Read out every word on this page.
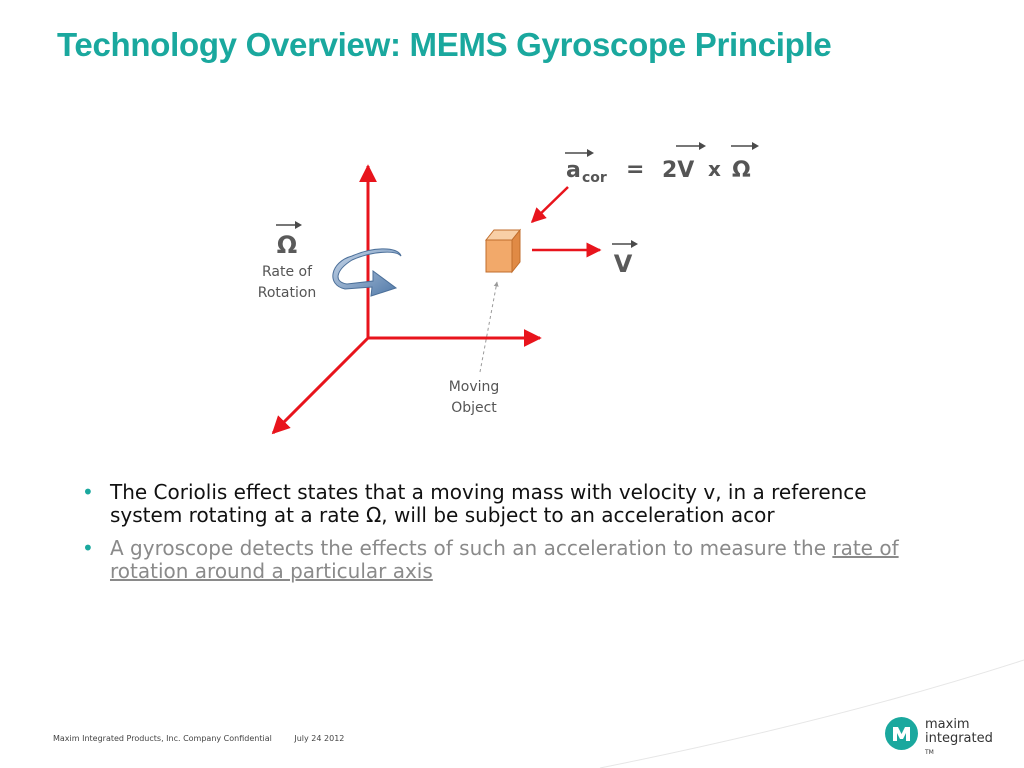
Technology Overview: MEMS Gyroscope Principle
Ω
Rate of
Rotation
V
Moving
Object
a cor = 2V x Ω
• The Coriolis effect states that a moving mass with velocity v, in a reference system rotating at a rate Ω, will be subject to an acceleration acor
• A gyroscope detects the effects of such an acceleration to measure the rate of rotation around a particular axis
Maxim Integrated Products, Inc. Company Confidential	July 24 2012
maxim
integrated
TM
